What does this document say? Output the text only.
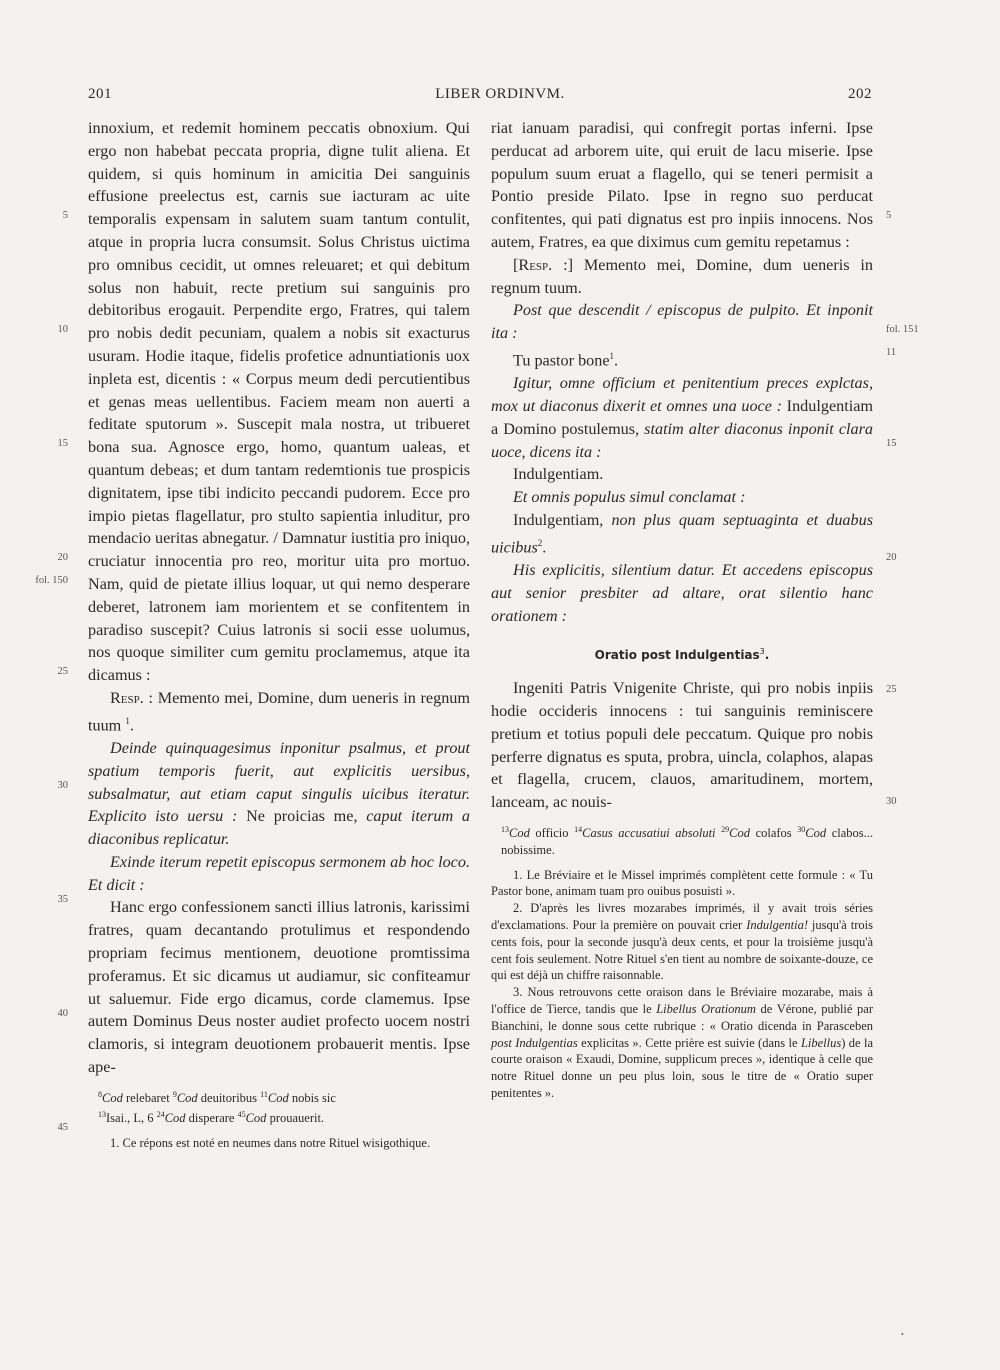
201	LIBER ORDINVM.	202

innoxium, et redemit hominem peccatis obnoxium. Qui ergo non habebat peccata propria, digne tulit aliena. Et quidem, si quis hominum in amicitia Dei sanguinis effusione preelectus est, carnis sue iacturam ac uite temporalis expensam in salutem suam tantum contulit, atque in propria lucra consumsit. Solus Christus uictima pro omnibus cecidit, ut omnes releuaret; et qui debitum solus non habuit, recte pretium sui sanguinis pro debitoribus erogauit. Perpendite ergo, Fratres, qui talem pro nobis dedit pecuniam, qualem a nobis sit exacturus usuram. Hodie itaque, fidelis profetice adnuntiationis uox inpleta est, dicentis : « Corpus meum dedi percutientibus et genas meas uellentibus. Faciem meam non auerti a feditate sputorum ». Suscepit mala nostra, ut tribueret bona sua. Agnosce ergo, homo, quantum ualeas, et quantum debeas; et dum tantam redemtionis tue prospicis dignitatem, ipse tibi indicito peccandi pudorem. Ecce pro impio pietas flagellatur, pro stulto sapientia inluditur, pro mendacio ueritas abnegatur. / Damnatur iustitia pro iniquo, cruciatur innocentia pro reo, moritur uita pro mortuo. Nam, quid de pietate illius loquar, ut qui nemo desperare deberet, latronem iam morientem et se confitentem in paradiso suscepit? Cuius latronis si socii esse uolumus, nos quoque similiter cum gemitu proclamemus, atque ita dicamus :

Resp. : Memento mei, Domine, dum ueneris in regnum tuum $^1$.

Deinde quinquagesimus inponitur psalmus, et prout spatium temporis fuerit, aut explicitis uersibus, subsalmatur, aut etiam caput singulis uicibus iteratur. Explicito isto uersu : Ne proicias me, caput iterum a diaconibus replicatur.

Exinde iterum repetit episcopus sermonem ab hoc loco. Et dicit :

Hanc ergo confessionem sancti illius latronis, karissimi fratres, quam decantando protulimus et respondendo propriam fecimus mentionem, deuotione promtissima proferamus. Et sic dicamus ut audiamur, sic confiteamur ut saluemur. Fide ergo dicamus, corde clamemus. Ipse autem Dominus Deus noster audiet profecto uocem nostri clamoris, si integram deuotionem probauerit mentis. Ipse ape-

$^8$Cod relebaret $^9$Cod deuitoribus $^{11}$Cod nobis sic
$^{13}$Isai., L, 6 $^{24}$Cod disperare $^{45}$Cod prouauerit.

1. Ce répons est noté en neumes dans notre Rituel wisigothique.

riat ianuam paradisi, qui confregit portas inferni. Ipse perducat ad arborem uite, qui eruit de lacu miserie. Ipse populum suum eruat a flagello, qui se teneri permisit a Pontio preside Pilato. Ipse in regno suo perducat confitentes, qui pati dignatus est pro inpiis innocens. Nos autem, Fratres, ea que diximus cum gemitu repetamus :

[Resp. :] Memento mei, Domine, dum ueneris in regnum tuum.

Post que descendit / episcopus de pulpito. Et inponit ita :

Tu pastor bone$^1$.

Igitur, omne officium et penitentium preces explctas, mox ut diaconus dixerit et omnes una uoce : Indulgentiam a Domino postulemus, statim alter diaconus inponit clara uoce, dicens ita :

Indulgentiam.

Et omnis populus simul conclamat :

Indulgentiam, non plus quam septuaginta et duabus uicibus$^2$.

His explicitis, silentium datur. Et accedens episcopus aut senior presbiter ad altare, orat silentio hanc orationem :

Oratio post Indulgentias$^3$.

Ingeniti Patris Vnigenite Christe, qui pro nobis inpiis hodie occideris innocens : tui sanguinis reminiscere pretium et totius populi dele peccatum. Quique pro nobis perferre dignatus es sputa, probra, uincla, colaphos, alapas et flagella, crucem, clauos, amaritudinem, mortem, lanceam, ac nouis-

$^{13}$Cod officio $^{14}$Casus accusatiui absoluti $^{29}$Cod colafos $^{30}$Cod clabos... nobissime.

1. Le Bréviaire et le Missel imprimés complètent cette formule : « Tu Pastor bone, animam tuam pro ouibus posuisti ».

2. D'après les livres mozarabes imprimés, il y avait trois séries d'exclamations. Pour la première on pouvait crier Indulgentia! jusqu'à trois cents fois, pour la seconde jusqu'à deux cents, et pour la troisième jusqu'à cent fois seulement. Notre Rituel s'en tient au nombre de soixante-douze, ce qui est déjà un chiffre raisonnable.

3. Nous retrouvons cette oraison dans le Bréviaire mozarabe, mais à l'office de Tierce, tandis que le Libellus Orationum de Vérone, publié par Bianchini, le donne sous cette rubrique : « Oratio dicenda in Parasceben post Indulgentias explicitas ». Cette prière est suivie (dans le Libellus) de la courte oraison « Exaudi, Domine, supplicum preces », identique à celle que notre Rituel donne un peu plus loin, sous le titre de « Oratio super penitentes ».

5
10
15
20
fol. 150
25
30
35
40
45
5
fol. 151
11
15
20
25
30
•
